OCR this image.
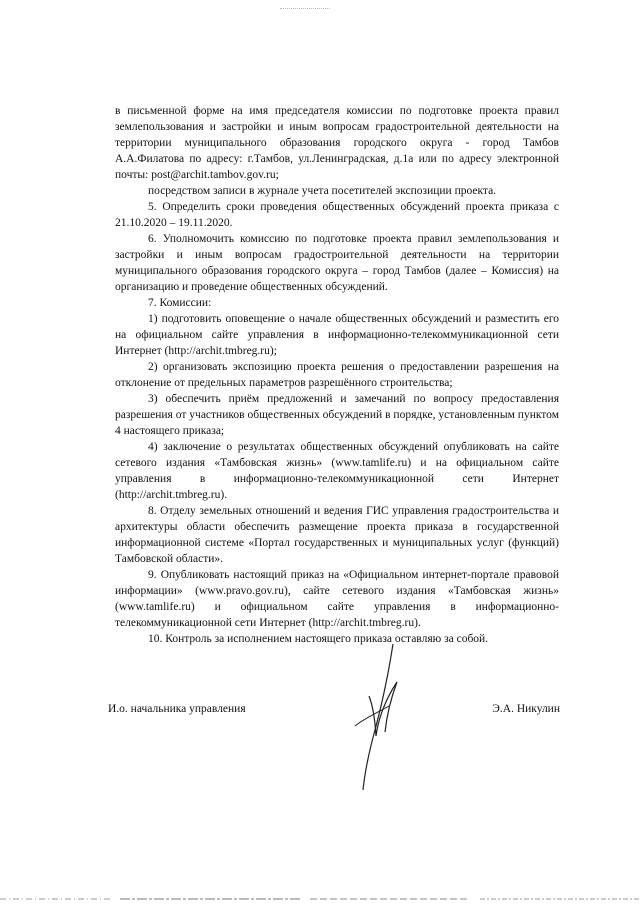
в письменной форме на имя председателя комиссии по подготовке проекта правил землепользования и застройки и иным вопросам градостроительной деятельности на территории муниципального образования городского округа - город Тамбов А.А.Филатова по адресу: г.Тамбов, ул.Ленинградская, д.1а или по адресу электронной почты: post@archit.tambov.gov.ru;

посредством записи в журнале учета посетителей экспозиции проекта.

5. Определить сроки проведения общественных обсуждений проекта приказа с 21.10.2020 – 19.11.2020.

6. Уполномочить комиссию по подготовке проекта правил землепользования и застройки и иным вопросам градостроительной деятельности на территории муниципального образования городского округа – город Тамбов (далее – Комиссия) на организацию и проведение общественных обсуждений.

7. Комиссии:

1) подготовить оповещение о начале общественных обсуждений и разместить его на официальном сайте управления в информационно-телекоммуникационной сети Интернет (http://archit.tmbreg.ru);

2) организовать экспозицию проекта решения о предоставлении разрешения на отклонение от предельных параметров разрешённого строительства;

3) обеспечить приём предложений и замечаний по вопросу предоставления разрешения от участников общественных обсуждений в порядке, установленным пунктом 4 настоящего приказа;

4) заключение о результатах общественных обсуждений опубликовать на сайте сетевого издания «Тамбовская жизнь» (www.tamlife.ru) и на официальном сайте управления в информационно-телекоммуникационной сети Интернет (http://archit.tmbreg.ru).

8. Отделу земельных отношений и ведения ГИС управления градостроительства и архитектуры области обеспечить размещение проекта приказа в государственной информационной системе «Портал государственных и муниципальных услуг (функций) Тамбовской области».

9. Опубликовать настоящий приказ на «Официальном интернет-портале правовой информации» (www.pravo.gov.ru), сайте сетевого издания «Тамбовская жизнь» (www.tamlife.ru) и официальном сайте управления в информационно-телекоммуникационной сети Интернет (http://archit.tmbreg.ru).

10. Контроль за исполнением настоящего приказа оставляю за собой.

И.о. начальника управления	Э.А. Никулин
